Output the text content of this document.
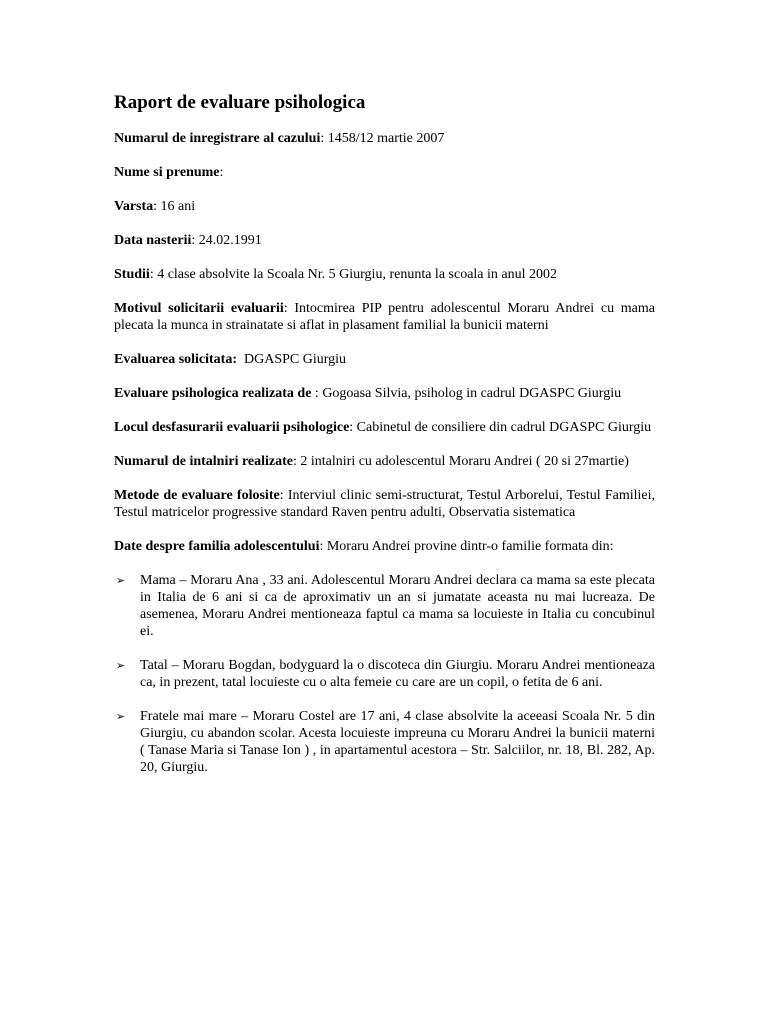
Raport de evaluare psihologica
Numarul de inregistrare al cazului: 1458/12 martie 2007
Nume si prenume:
Varsta: 16 ani
Data nasterii: 24.02.1991
Studii: 4 clase absolvite la Scoala Nr. 5 Giurgiu, renunta la scoala in anul 2002
Motivul solicitarii evaluarii: Intocmirea PIP pentru adolescentul Moraru Andrei cu mama plecata la munca in strainatate si aflat in plasament familial la bunicii materni
Evaluarea solicitata: DGASPC Giurgiu
Evaluare psihologica realizata de : Gogoasa Silvia, psiholog in cadrul DGASPC Giurgiu
Locul desfasurarii evaluarii psihologice: Cabinetul de consiliere din cadrul DGASPC Giurgiu
Numarul de intalniri realizate: 2 intalniri cu adolescentul Moraru Andrei ( 20 si 27martie)
Metode de evaluare folosite: Interviul clinic semi-structurat, Testul Arborelui, Testul Familiei, Testul matricelor progressive standard Raven pentru adulti, Observatia sistematica
Date despre familia adolescentului: Moraru Andrei provine dintr-o familie formata din:
➢	Mama – Moraru Ana , 33 ani. Adolescentul Moraru Andrei declara ca mama sa este plecata in Italia de 6 ani si ca de aproximativ un an si jumatate aceasta nu mai lucreaza. De asemenea, Moraru Andrei mentioneaza faptul ca mama sa locuieste in Italia cu concubinul ei.
➢	Tatal – Moraru Bogdan, bodyguard la o discoteca din Giurgiu. Moraru Andrei mentioneaza ca, in prezent, tatal locuieste cu o alta femeie cu care are un copil, o fetita de 6 ani.
➢	Fratele mai mare – Moraru Costel are 17 ani, 4 clase absolvite la aceeasi Scoala Nr. 5 din Giurgiu, cu abandon scolar. Acesta locuieste impreuna cu Moraru Andrei la bunicii materni ( Tanase Maria si Tanase Ion ) , in apartamentul acestora – Str. Salciilor, nr. 18, Bl. 282, Ap. 20, Giurgiu.
